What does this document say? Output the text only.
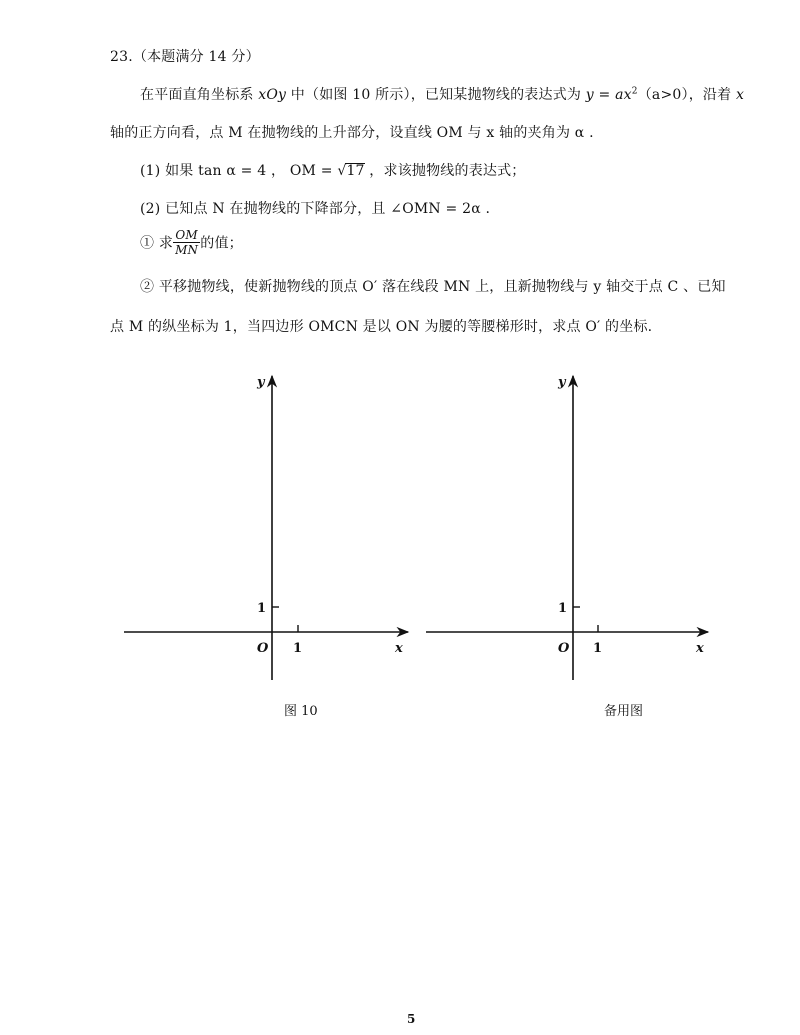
23.（本题满分 14 分）
在平面直角坐标系 xOy 中（如图 10 所示），已知某抛物线的表达式为 $y = ax^2(a>0)$，沿着 x
轴的正方向看，点 M 在抛物线的上升部分，设直线 OM 与 x 轴的夹角为 α .
(1) 如果 tan α = 4 ， OM = √17 ，求该抛物线的表达式；
(2) 已知点 N 在抛物线的下降部分，且 ∠OMN = 2α .
① 求 $\frac{OM}{MN}$ 的值；
② 平移抛物线，使新抛物线的顶点 O′ 落在线段 MN 上，且新抛物线与 y 轴交于点 C 、已知
点 M 的纵坐标为 1，当四边形 OMCN 是以 ON 为腰的等腰梯形时，求点 O′ 的坐标.
y
x
O 1
1
y
x
O 1
1
图 10	备用图
5
